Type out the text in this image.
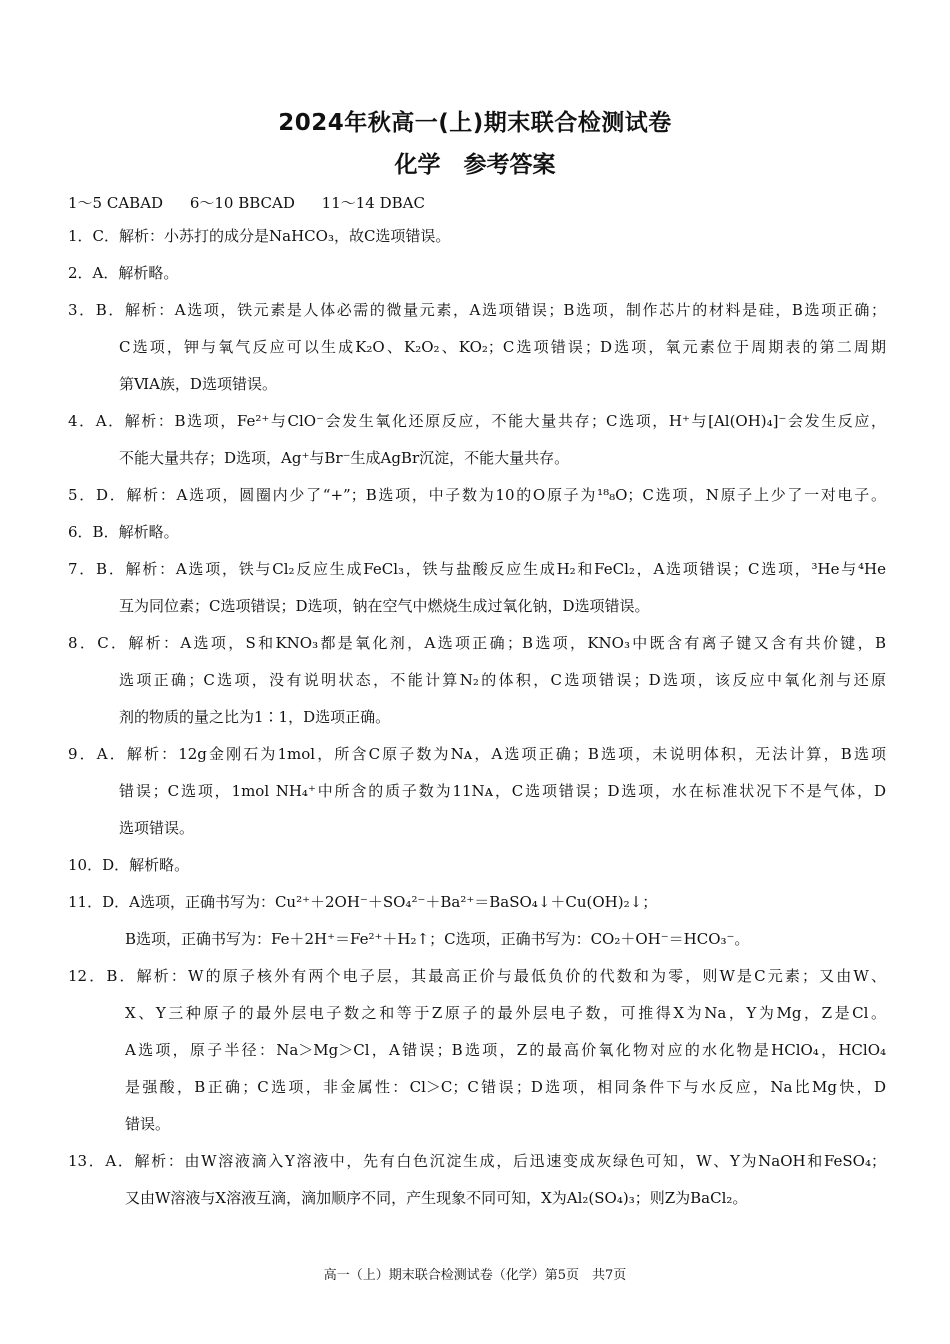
2024年秋高一(上)期末联合检测试卷
化学　参考答案
1～5 CABAD 6～10 BBCAD 11～14 DBAC
1．C．解析：小苏打的成分是NaHCO₃，故C选项错误。
2．A．解析略。
3．B．解析：A选项，铁元素是人体必需的微量元素，A选项错误；B选项，制作芯片的材料是硅，B选项正确；
C选项，钾与氧气反应可以生成K₂O、K₂O₂、KO₂；C选项错误；D选项，氧元素位于周期表的第二周期
第ⅥA族，D选项错误。
4．A．解析：B选项，Fe²⁺与ClO⁻会发生氧化还原反应，不能大量共存；C选项，H⁺与[Al(OH)₄]⁻会发生反应，
不能大量共存；D选项，Ag⁺与Br⁻生成AgBr沉淀，不能大量共存。
5．D．解析：A选项，圆圈内少了“+”；B选项，中子数为10的O原子为¹⁸₈O；C选项，N原子上少了一对电子。
6．B．解析略。
7．B．解析：A选项，铁与Cl₂反应生成FeCl₃，铁与盐酸反应生成H₂和FeCl₂，A选项错误；C选项，³He与⁴He
互为同位素；C选项错误；D选项，钠在空气中燃烧生成过氧化钠，D选项错误。
8．C．解析：A选项，S和KNO₃都是氧化剂，A选项正确；B选项，KNO₃中既含有离子键又含有共价键，B
选项正确；C选项，没有说明状态，不能计算N₂的体积，C选项错误；D选项，该反应中氧化剂与还原
剂的物质的量之比为1∶1，D选项正确。
9．A．解析：12g金刚石为1mol，所含C原子数为Nᴀ，A选项正确；B选项，未说明体积，无法计算，B选项
错误；C选项，1mol NH₄⁺中所含的质子数为11Nᴀ，C选项错误；D选项，水在标准状况下不是气体，D
选项错误。
10．D．解析略。
11．D．A选项，正确书写为：Cu²⁺＋2OH⁻＋SO₄²⁻＋Ba²⁺＝BaSO₄↓＋Cu(OH)₂↓；
B选项，正确书写为：Fe＋2H⁺＝Fe²⁺＋H₂↑；C选项，正确书写为：CO₂＋OH⁻＝HCO₃⁻。
12．B．解析：W的原子核外有两个电子层，其最高正价与最低负价的代数和为零，则W是C元素；又由W、
X、Y三种原子的最外层电子数之和等于Z原子的最外层电子数，可推得X为Na，Y为Mg，Z是Cl。
A选项，原子半径：Na＞Mg＞Cl，A错误；B选项，Z的最高价氧化物对应的水化物是HClO₄，HClO₄
是强酸，B正确；C选项，非金属性：Cl＞C；C错误；D选项，相同条件下与水反应，Na比Mg快，D
错误。
13．A．解析：由W溶液滴入Y溶液中，先有白色沉淀生成，后迅速变成灰绿色可知，W、Y为NaOH和FeSO₄；
又由W溶液与X溶液互滴，滴加顺序不同，产生现象不同可知，X为Al₂(SO₄)₃；则Z为BaCl₂。
高一（上）期末联合检测试卷（化学）第5页　共7页
